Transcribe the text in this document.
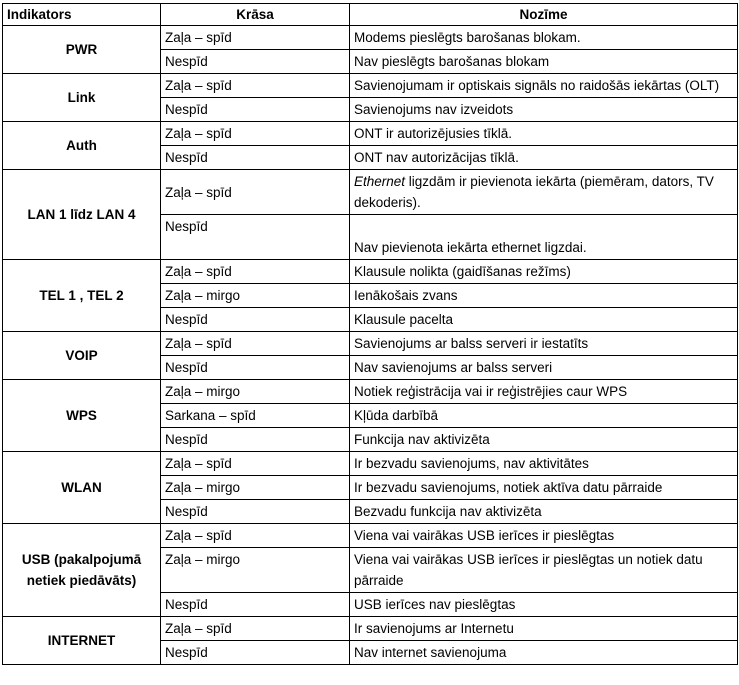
Indikators	Krāsa	Nozīme
PWR	Zaļa – spīd	Modems pieslēgts barošanas blokam.
	Nespīd	Nav pieslēgts barošanas blokam
Link	Zaļa – spīd	Savienojumam ir optiskais signāls no raidošās iekārtas (OLT)
	Nespīd	Savienojums nav izveidots
Auth	Zaļa – spīd	ONT ir autorizējusies tīklā.
	Nespīd	ONT nav autorizācijas tīklā.
LAN 1 līdz LAN 4	Zaļa – spīd	Ethernet ligzdām ir pievienota iekārta (piemēram, dators, TV dekoderis).
	Nespīd	Nav pievienota iekārta ethernet ligzdai.
TEL 1 , TEL 2	Zaļa – spīd	Klausule nolikta (gaidīšanas režīms)
	Zaļa – mirgo	Ienākošais zvans
	Nespīd	Klausule pacelta
VOIP	Zaļa – spīd	Savienojums ar balss serveri ir iestatīts
	Nespīd	Nav savienojums ar balss serveri
WPS	Zaļa – mirgo	Notiek reģistrācija vai ir reģistrējies caur WPS
	Sarkana – spīd	Kļūda darbībā
	Nespīd	Funkcija nav aktivizēta
WLAN	Zaļa – spīd	Ir bezvadu savienojums, nav aktivitātes
	Zaļa – mirgo	Ir bezvadu savienojums, notiek aktīva datu pārraide
	Nespīd	Bezvadu funkcija nav aktivizēta
USB (pakalpojumā netiek piedāvāts)	Zaļa – spīd	Viena vai vairākas USB ierīces ir pieslēgtas
	Zaļa – mirgo	Viena vai vairākas USB ierīces ir pieslēgtas un notiek datu pārraide
	Nespīd	USB ierīces nav pieslēgtas
INTERNET	Zaļa – spīd	Ir savienojums ar Internetu
	Nespīd	Nav internet savienojuma
